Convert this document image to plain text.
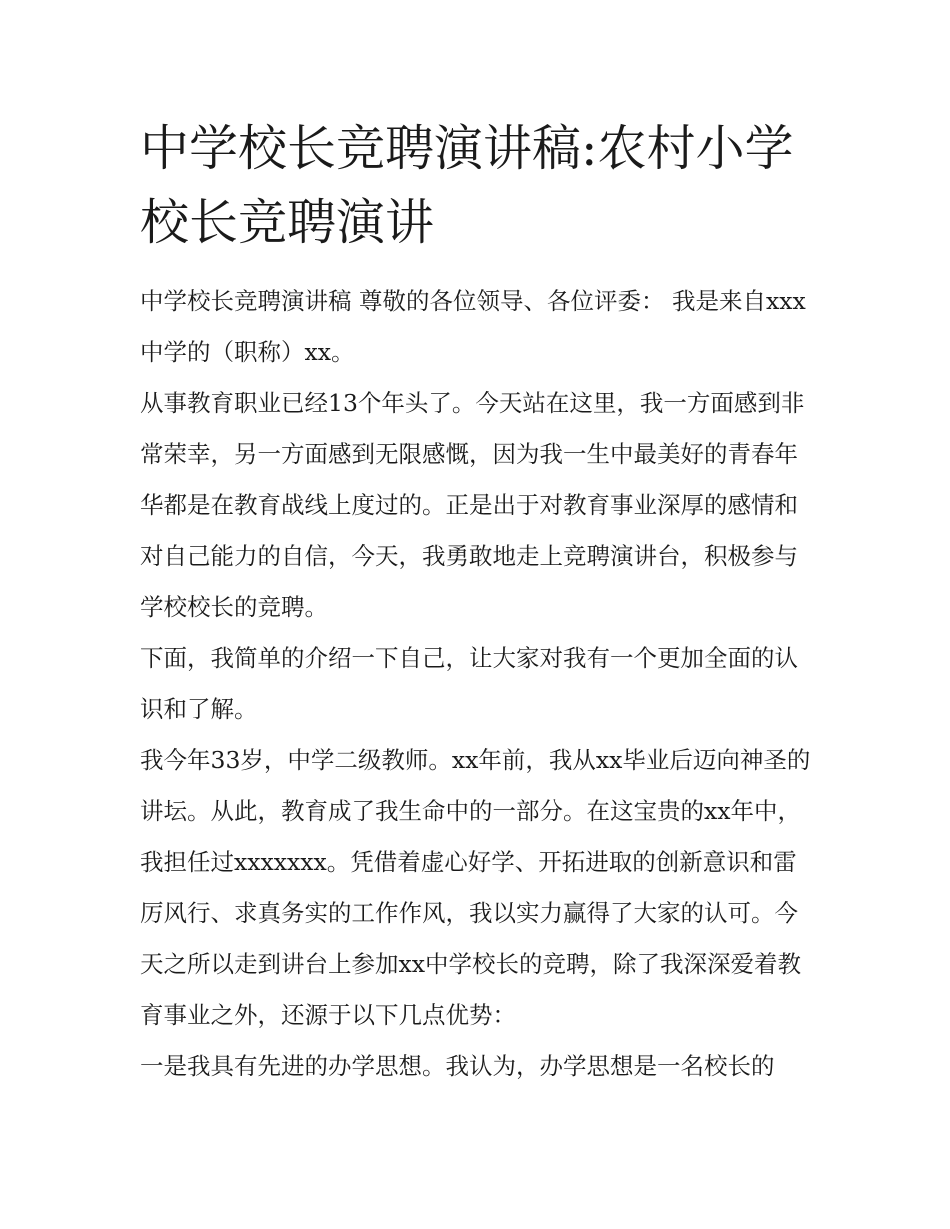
中学校长竞聘演讲稿:农村小学校长竞聘演讲

中学校长竞聘演讲稿 尊敬的各位领导、各位评委： 我是来自xxx中学的（职称）xx。

从事教育职业已经13个年头了。今天站在这里，我一方面感到非常荣幸，另一方面感到无限感慨，因为我一生中最美好的青春年华都是在教育战线上度过的。正是出于对教育事业深厚的感情和对自己能力的自信，今天，我勇敢地走上竞聘演讲台，积极参与学校校长的竞聘。

下面，我简单的介绍一下自己，让大家对我有一个更加全面的认识和了解。

我今年33岁，中学二级教师。xx年前，我从xx毕业后迈向神圣的讲坛。从此，教育成了我生命中的一部分。在这宝贵的xx年中，我担任过xxxxxxx。凭借着虚心好学、开拓进取的创新意识和雷厉风行、求真务实的工作作风，我以实力赢得了大家的认可。今天之所以走到讲台上参加xx中学校长的竞聘，除了我深深爱着教育事业之外，还源于以下几点优势：

一是我具有先进的办学思想。我认为，办学思想是一名校长的
